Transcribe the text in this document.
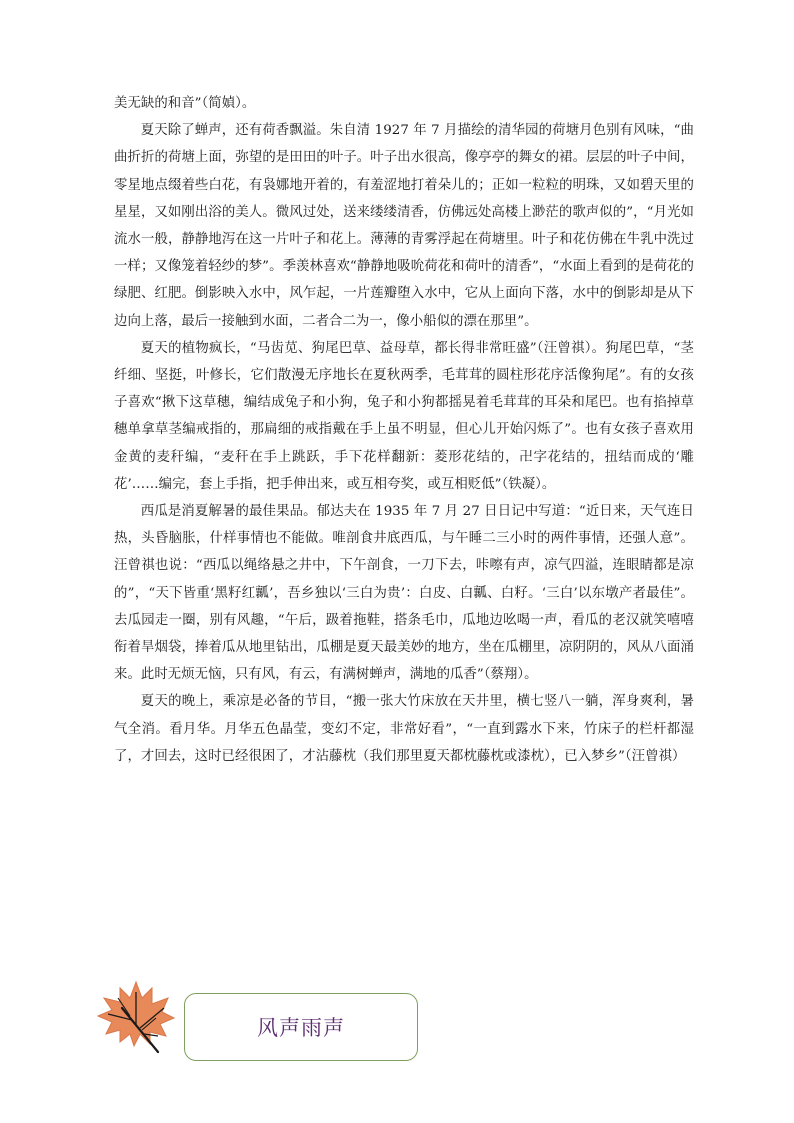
美无缺的和音”（简媜）。

夏天除了蝉声，还有荷香飘溢。朱自清 1927 年 7 月描绘的清华园的荷塘月色别有风味，“曲曲折折的荷塘上面，弥望的是田田的叶子。叶子出水很高，像亭亭的舞女的裙。层层的叶子中间，零星地点缀着些白花，有袅娜地开着的，有羞涩地打着朵儿的；正如一粒粒的明珠，又如碧天里的星星，又如刚出浴的美人。微风过处，送来缕缕清香，仿佛远处高楼上渺茫的歌声似的”，“月光如流水一般，静静地泻在这一片叶子和花上。薄薄的青雾浮起在荷塘里。叶子和花仿佛在牛乳中洗过一样；又像笼着轻纱的梦”。季羡林喜欢“静静地吸吮荷花和荷叶的清香”，“水面上看到的是荷花的绿肥、红肥。倒影映入水中，风乍起，一片莲瓣堕入水中，它从上面向下落，水中的倒影却是从下边向上落，最后一接触到水面，二者合二为一，像小船似的漂在那里”。

夏天的植物疯长，“马齿苋、狗尾巴草、益母草，都长得非常旺盛”（汪曾祺）。狗尾巴草，“茎纤细、坚挺，叶修长，它们散漫无序地长在夏秋两季，毛茸茸的圆柱形花序活像狗尾”。有的女孩子喜欢“揪下这草穗，编结成兔子和小狗，兔子和小狗都摇晃着毛茸茸的耳朵和尾巴。也有掐掉草穗单拿草茎编戒指的，那扁细的戒指戴在手上虽不明显，但心儿开始闪烁了”。也有女孩子喜欢用金黄的麦秆编，“麦秆在手上跳跃，手下花样翻新：菱形花结的，卍字花结的，扭结而成的‘雕花’……编完，套上手指，把手伸出来，或互相夸奖，或互相贬低”（铁凝）。

西瓜是消夏解暑的最佳果品。郁达夫在 1935 年 7 月 27 日日记中写道：“近日来，天气连日热，头昏脑胀，什样事情也不能做。唯剖食井底西瓜，与午睡二三小时的两件事情，还强人意”。汪曾祺也说：“西瓜以绳络悬之井中，下午剖食，一刀下去，咔嚓有声，凉气四溢，连眼睛都是凉的”，“天下皆重‘黑籽红瓤’，吾乡独以‘三白为贵’：白皮、白瓤、白籽。‘三白’以东墩产者最佳”。去瓜园走一圈，别有风趣，“午后，趿着拖鞋，搭条毛巾，瓜地边吆喝一声，看瓜的老汉就笑嘻嘻衔着旱烟袋，捧着瓜从地里钻出，瓜棚是夏天最美妙的地方，坐在瓜棚里，凉阴阴的，风从八面涌来。此时无烦无恼，只有风，有云，有满树蝉声，满地的瓜香”（蔡翔）。

夏天的晚上，乘凉是必备的节目，“搬一张大竹床放在天井里，横七竖八一躺，浑身爽利，暑气全消。看月华。月华五色晶莹，变幻不定，非常好看”，“一直到露水下来，竹床子的栏杆都湿了，才回去，这时已经很困了，才沾藤枕（我们那里夏天都枕藤枕或漆枕），已入梦乡”（汪曾祺）

风声雨声
